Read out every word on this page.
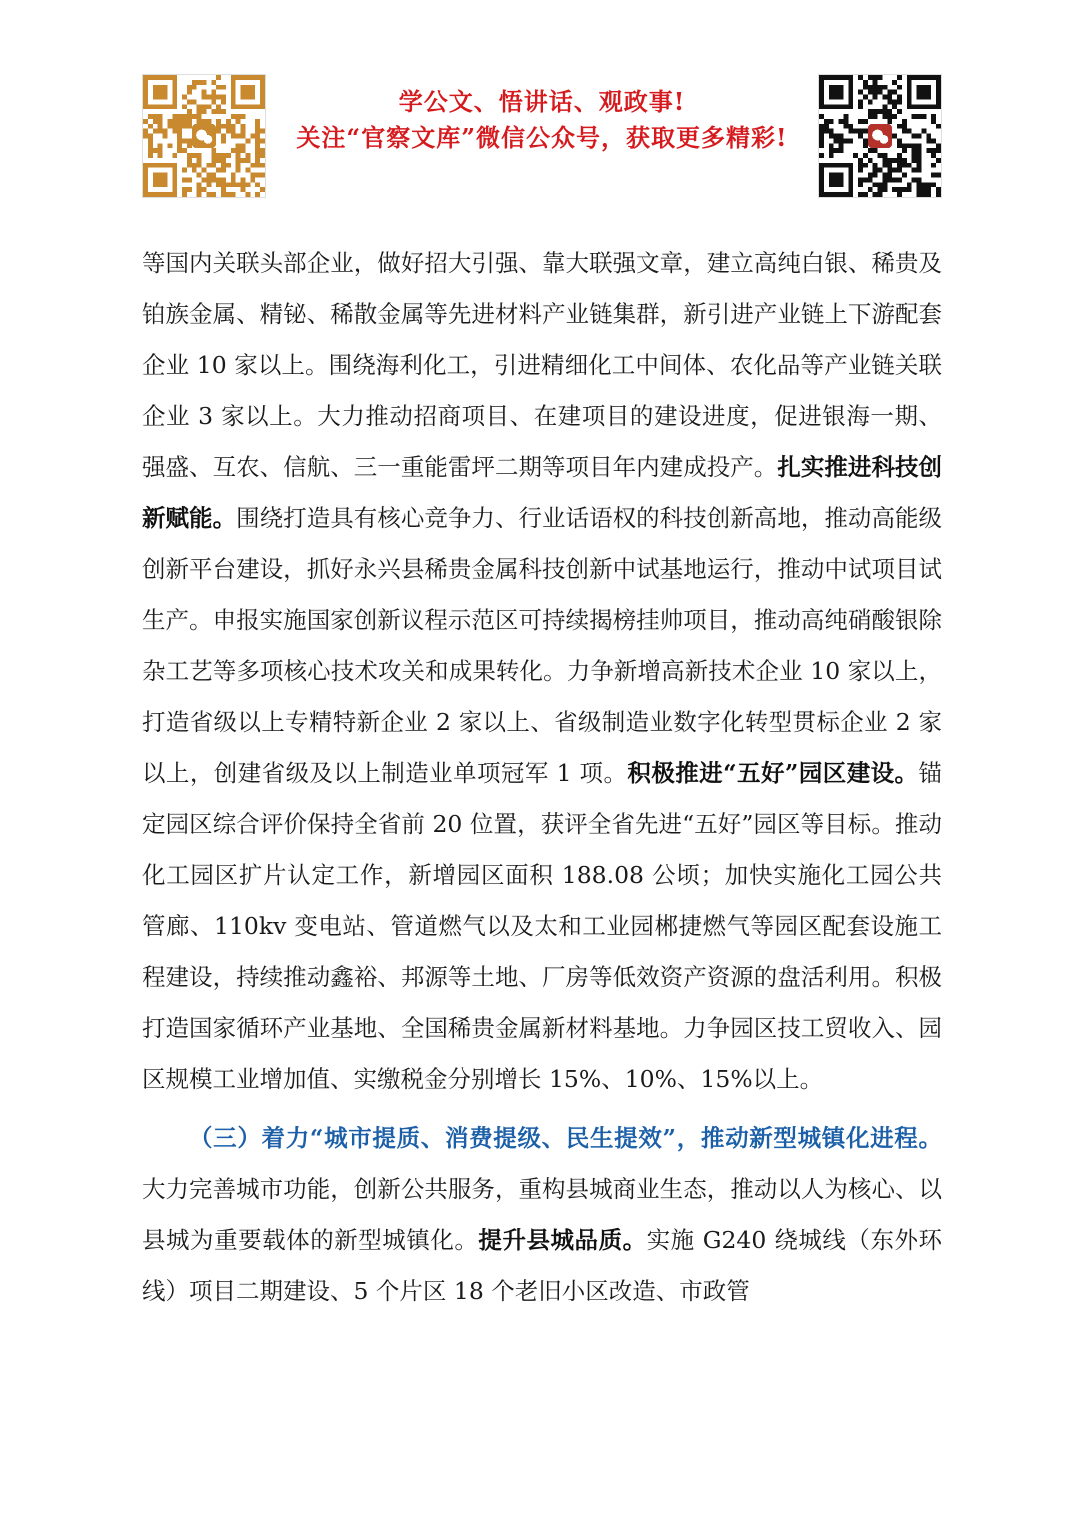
学公文、悟讲话、观政事!
关注“官察文库”微信公众号，获取更多精彩!

等国内关联头部企业，做好招大引强、靠大联强文章，建立高纯白银、稀贵及铂族金属、精铋、稀散金属等先进材料产业链集群，新引进产业链上下游配套企业 10 家以上。围绕海利化工，引进精细化工中间体、农化品等产业链关联企业 3 家以上。大力推动招商项目、在建项目的建设进度，促进银海一期、强盛、互农、信航、三一重能雷坪二期等项目年内建成投产。扎实推进科技创新赋能。围绕打造具有核心竞争力、行业话语权的科技创新高地，推动高能级创新平台建设，抓好永兴县稀贵金属科技创新中试基地运行，推动中试项目试生产。申报实施国家创新议程示范区可持续揭榜挂帅项目，推动高纯硝酸银除杂工艺等多项核心技术攻关和成果转化。力争新增高新技术企业 10 家以上，打造省级以上专精特新企业 2 家以上、省级制造业数字化转型贯标企业 2 家以上，创建省级及以上制造业单项冠军 1 项。积极推进“五好”园区建设。锚定园区综合评价保持全省前 20 位置，获评全省先进“五好”园区等目标。推动化工园区扩片认定工作，新增园区面积 188.08 公顷；加快实施化工园公共管廊、110kv 变电站、管道燃气以及太和工业园郴捷燃气等园区配套设施工程建设，持续推动鑫裕、邦源等土地、厂房等低效资产资源的盘活利用。积极打造国家循环产业基地、全国稀贵金属新材料基地。力争园区技工贸收入、园区规模工业增加值、实缴税金分别增长 15%、10%、15%以上。

（三）着力“城市提质、消费提级、民生提效”，推动新型城镇化进程。大力完善城市功能，创新公共服务，重构县城商业生态，推动以人为核心、以县城为重要载体的新型城镇化。提升县城品质。实施 G240 绕城线（东外环线）项目二期建设、5 个片区 18 个老旧小区改造、市政管
